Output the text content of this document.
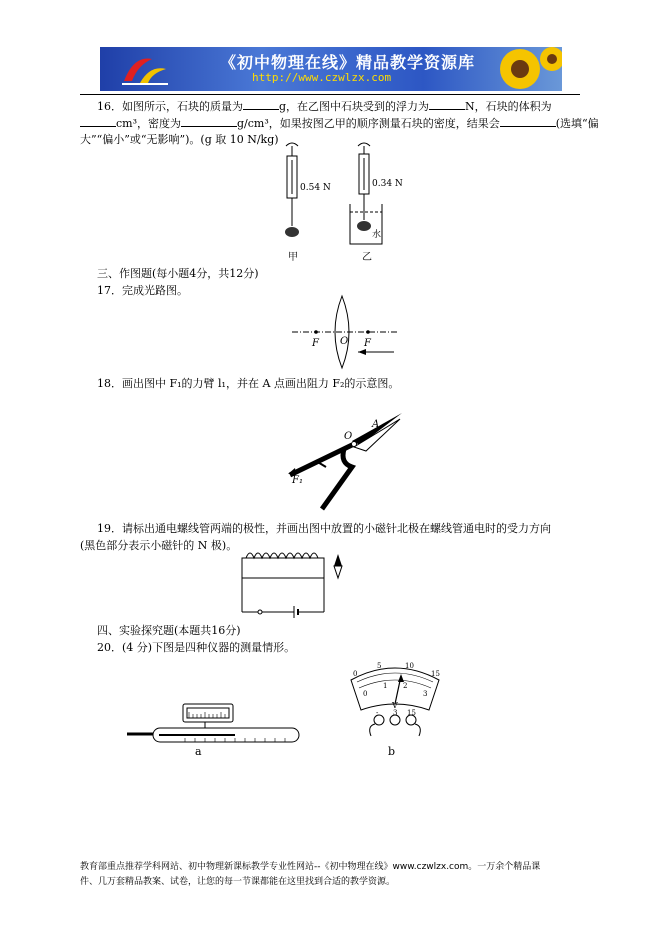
《初中物理在线》精品教学资源库
http://www.czwlzx.com
16．如图所示，石块的质量为	g，在乙图中石块受到的浮力为	N，石块的体积为
cm³，密度为	g/cm³，如果按图乙甲的顺序测量石块的密度，结果会	(选填“偏
大”“偏小”或“无影响”)。(g 取 10 N/kg)
0.54 N
甲
0.34 N
水
乙
三、作图题(每小题4分，共12分)
17．完成光路图。
F O F
18．画出图中 F₁的力臂 l₁，并在 A 点画出阻力 F₂的示意图。
O
A
F₁
19．请标出通电螺线管两端的极性，并画出图中放置的小磁针北极在螺线管通电时的受力方向
(黑色部分表示小磁针的 N 极)。
四、实验探究题(本题共16分)
20．(4 分)下图是四种仪器的测量情形。
a
0
5	10
15
0
1 2
3
V
- 3 15
b
教育部重点推荐学科网站、初中物理新课标教学专业性网站--《初中物理在线》www.czwlzx.com。一万余个精品课
件、几万套精品教案、试卷，让您的每一节课都能在这里找到合适的教学资源。
